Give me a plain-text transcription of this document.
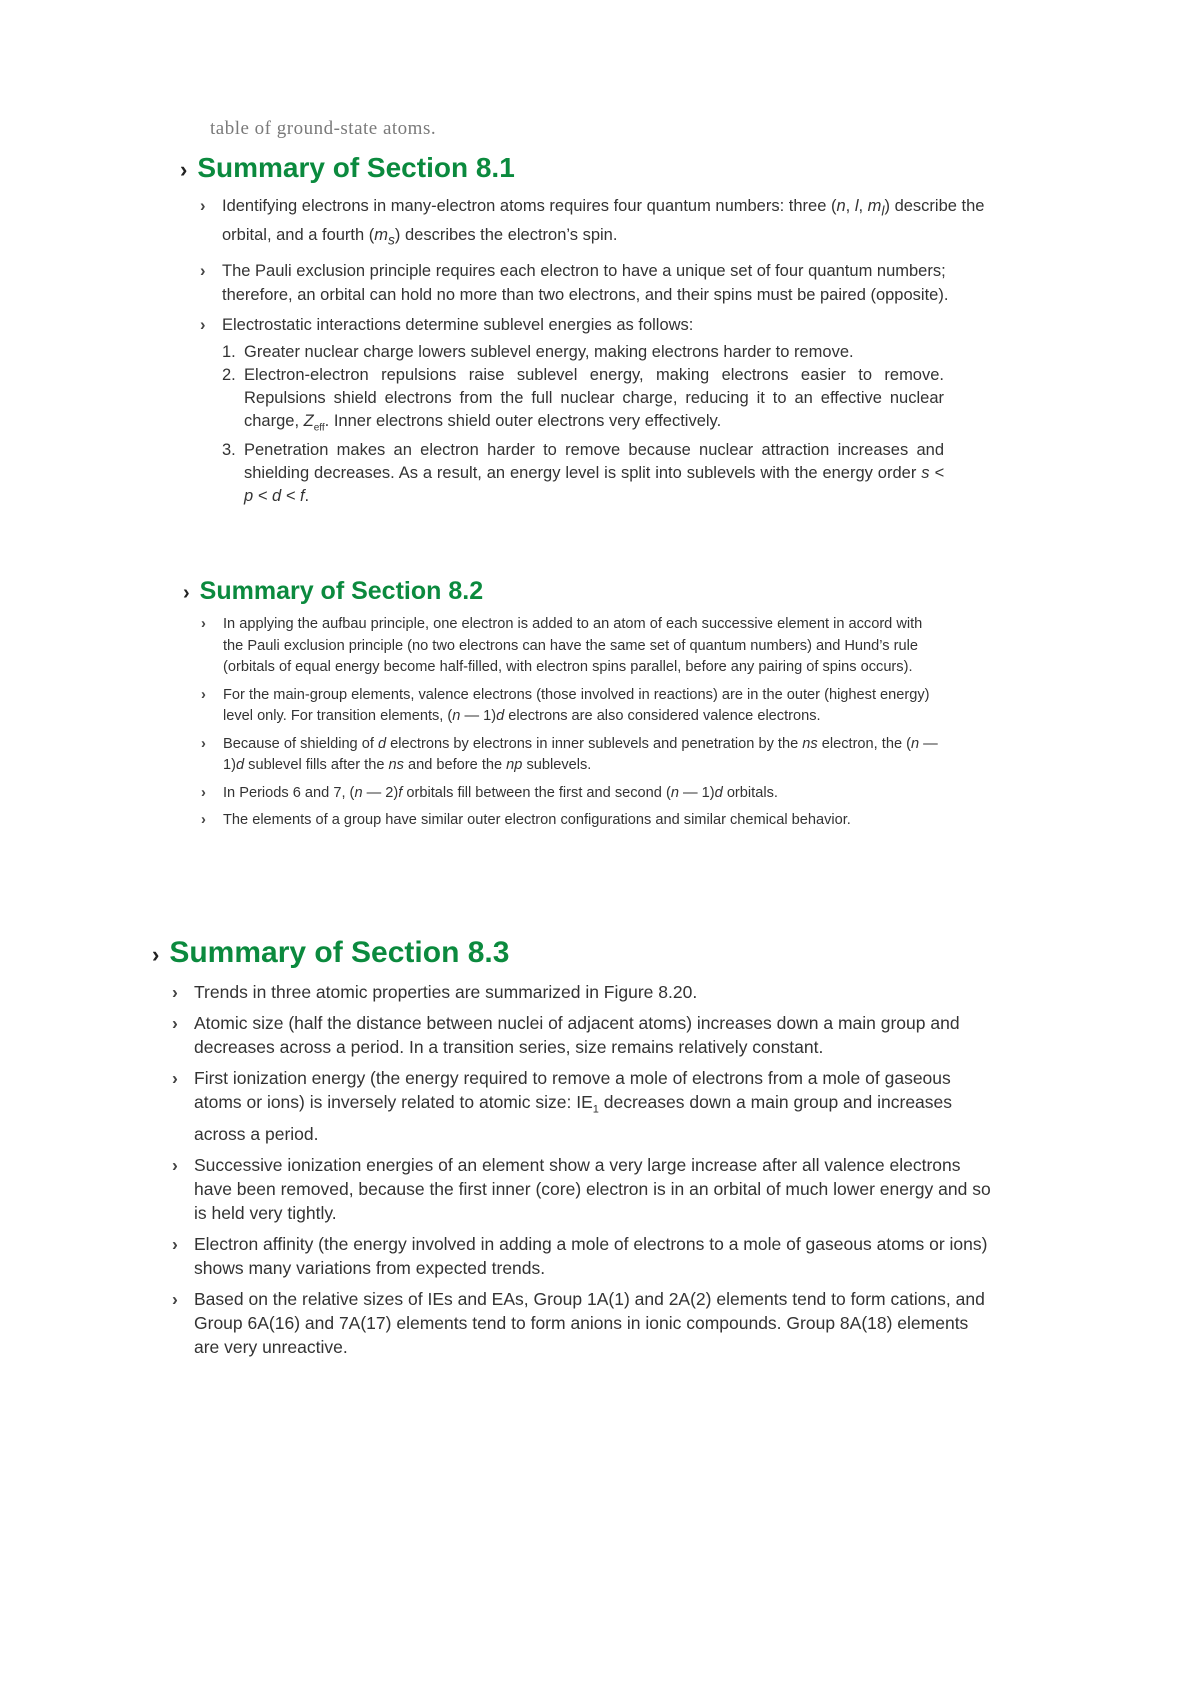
table of ground-state atoms.
› Summary of Section 8.1
› Identifying electrons in many-electron atoms requires four quantum numbers: three (n, l, $m_l$) describe the orbital, and a fourth $(m_s)$ describes the electron’s spin.
› The Pauli exclusion principle requires each electron to have a unique set of four quantum numbers; therefore, an orbital can hold no more than two electrons, and their spins must be paired (opposite).
› Electrostatic interactions determine sublevel energies as follows:
1. Greater nuclear charge lowers sublevel energy, making electrons harder to remove.
2. Electron-electron repulsions raise sublevel energy, making electrons easier to remove. Repulsions shield electrons from the full nuclear charge, reducing it to an effective nuclear charge, $Z_{eff}$. Inner electrons shield outer electrons very effectively.
3. Penetration makes an electron harder to remove because nuclear attraction increases and shielding decreases. As a result, an energy level is split into sublevels with the energy order s < p < d < f.
› Summary of Section 8.2
› In applying the aufbau principle, one electron is added to an atom of each successive element in accord with the Pauli exclusion principle (no two electrons can have the same set of quantum numbers) and Hund’s rule (orbitals of equal energy become half-filled, with electron spins parallel, before any pairing of spins occurs).
› For the main-group elements, valence electrons (those involved in reactions) are in the outer (highest energy) level only. For transition elements, (n — 1)d electrons are also considered valence electrons.
› Because of shielding of d electrons by electrons in inner sublevels and penetration by the ns electron, the (n — 1)d sublevel fills after the ns and before the np sublevels.
› In Periods 6 and 7, (n — 2)f orbitals fill between the first and second (n — 1)d orbitals.
› The elements of a group have similar outer electron configurations and similar chemical behavior.
› Summary of Section 8.3
› Trends in three atomic properties are summarized in Figure 8.20.
› Atomic size (half the distance between nuclei of adjacent atoms) increases down a main group and decreases across a period. In a transition series, size remains relatively constant.
› First ionization energy (the energy required to remove a mole of electrons from a mole of gaseous atoms or ions) is inversely related to atomic size: $IE_1$ decreases down a main group and increases across a period.
› Successive ionization energies of an element show a very large increase after all valence electrons have been removed, because the first inner (core) electron is in an orbital of much lower energy and so is held very tightly.
› Electron affinity (the energy involved in adding a mole of electrons to a mole of gaseous atoms or ions) shows many variations from expected trends.
› Based on the relative sizes of IEs and EAs, Group 1A(1) and 2A(2) elements tend to form cations, and Group 6A(16) and 7A(17) elements tend to form anions in ionic compounds. Group 8A(18) elements are very unreactive.
